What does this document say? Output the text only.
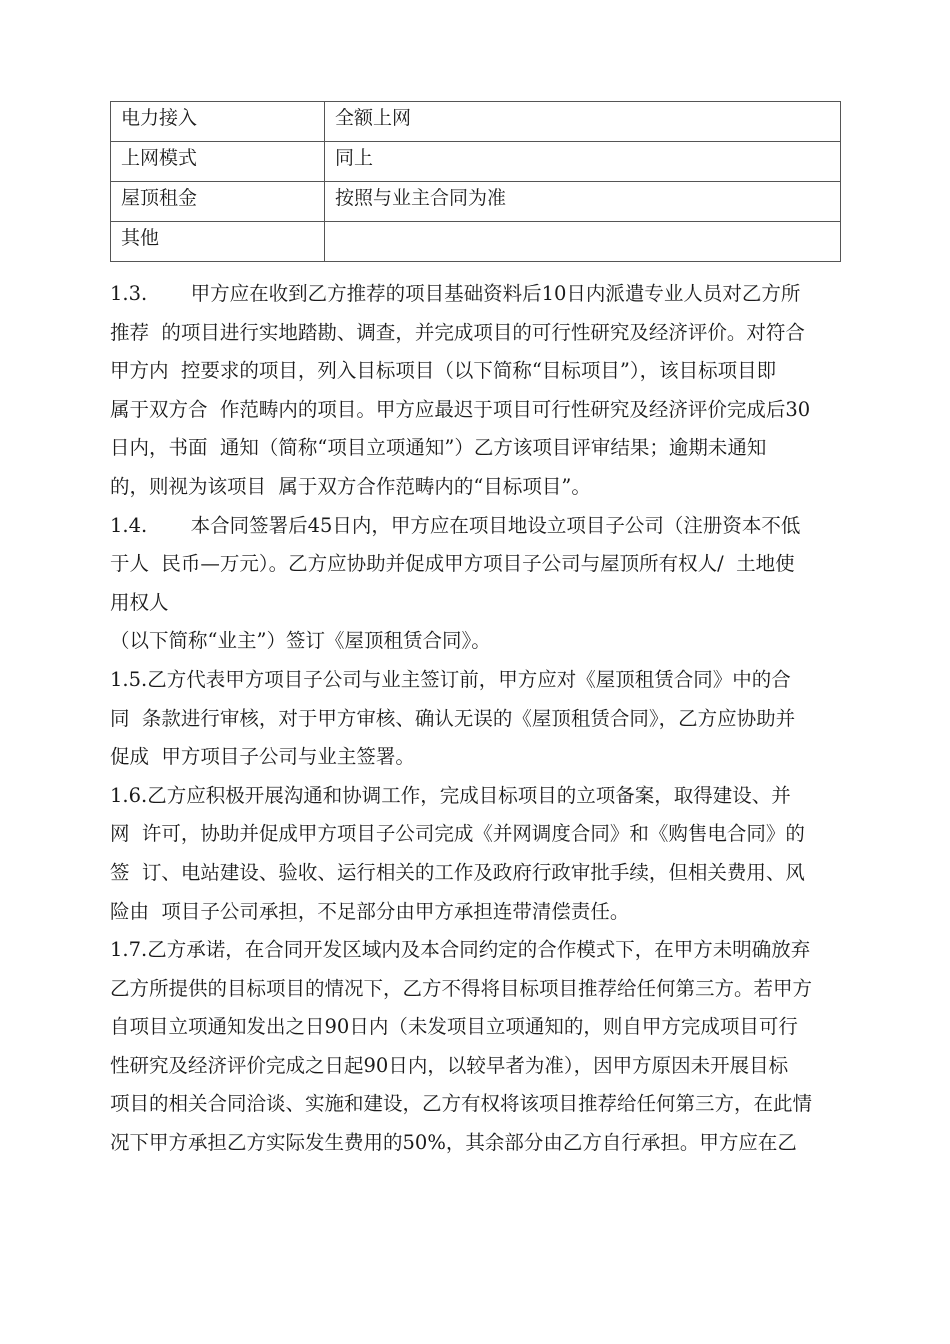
电力接入	全额上网
上网模式	同上
屋顶租金	按照与业主合同为准
其他	
1.3.       甲方应在收到乙方推荐的项目基础资料后10日内派遣专业人员对乙方所
推荐  的项目进行实地踏勘、调查，并完成项目的可行性研究及经济评价。对符合
甲方内  控要求的项目，列入目标项目（以下简称“目标项目”），该目标项目即
属于双方合  作范畴内的项目。甲方应最迟于项目可行性研究及经济评价完成后30
日内，书面  通知（简称“项目立项通知”）乙方该项目评审结果；逾期未通知
的，则视为该项目  属于双方合作范畴内的“目标项目”。
1.4.       本合同签署后45日内，甲方应在项目地设立项目子公司（注册资本不低
于人  民币—万元）。乙方应协助并促成甲方项目子公司与屋顶所有权人/  土地使
用权人
（以下简称“业主”）签订《屋顶租赁合同》。
1.5.乙方代表甲方项目子公司与业主签订前，甲方应对《屋顶租赁合同》中的合
同  条款进行审核，对于甲方审核、确认无误的《屋顶租赁合同》，乙方应协助并
促成  甲方项目子公司与业主签署。
1.6.乙方应积极开展沟通和协调工作，完成目标项目的立项备案，取得建设、并
网  许可，协助并促成甲方项目子公司完成《并网调度合同》和《购售电合同》的
签  订、电站建设、验收、运行相关的工作及政府行政审批手续，但相关费用、风
险由  项目子公司承担，不足部分由甲方承担连带清偿责任。
1.7.乙方承诺，在合同开发区域内及本合同约定的合作模式下，在甲方未明确放弃
乙方所提供的目标项目的情况下，乙方不得将目标项目推荐给任何第三方。若甲方
自项目立项通知发出之日90日内（未发项目立项通知的，则自甲方完成项目可行
性研究及经济评价完成之日起90日内，以较早者为准），因甲方原因未开展目标
项目的相关合同洽谈、实施和建设，乙方有权将该项目推荐给任何第三方，在此情
况下甲方承担乙方实际发生费用的50%，其余部分由乙方自行承担。甲方应在乙
